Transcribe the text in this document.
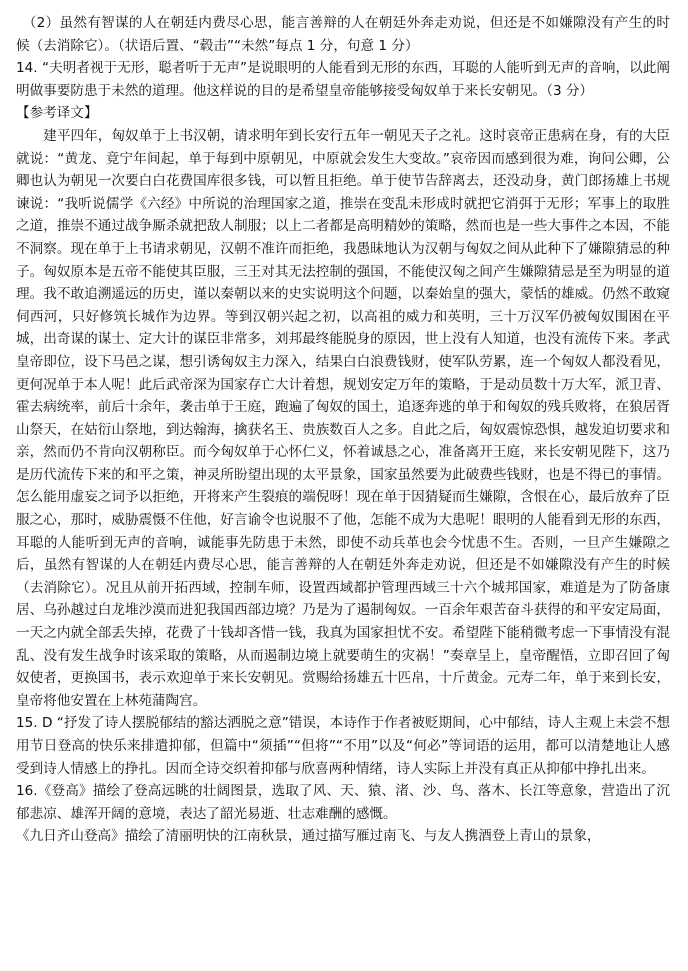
（2）虽然有智谋的人在朝廷内费尽心思，能言善辩的人在朝廷外奔走劝说，但还是不如嫌隙没有产生的时候（去消除它）。（状语后置、“毂击”“未然”每点 1 分，句意 1 分）

14. “夫明者视于无形，聪者听于无声”是说眼明的人能看到无形的东西，耳聪的人能听到无声的音响，以此阐明做事要防患于未然的道理。他这样说的目的是希望皇帝能够接受匈奴单于来长安朝见。（3 分）

【参考译文】

建平四年，匈奴单于上书汉朝，请求明年到长安行五年一朝见天子之礼。这时哀帝正患病在身，有的大臣就说：“黄龙、竟宁年间起，单于每到中原朝见，中原就会发生大变故。”哀帝因而感到很为难，询问公卿，公卿也认为朝见一次要白白花费国库很多钱，可以暂且拒绝。单于使节告辞离去，还没动身，黄门郎扬雄上书规谏说：“我听说儒学《六经》中所说的治理国家之道，推崇在变乱未形成时就把它消弭于无形；军事上的取胜之道，推崇不通过战争厮杀就把敌人制服；以上二者都是高明精妙的策略，然而也是一些大事件之本因，不能不洞察。现在单于上书请求朝见，汉朝不准许而拒绝，我愚昧地认为汉朝与匈奴之间从此种下了嫌隙猜忌的种子。匈奴原本是五帝不能使其臣服，三王对其无法控制的强国，不能使汉匈之间产生嫌隙猜忌是至为明显的道理。我不敢追溯遥远的历史，谨以秦朝以来的史实说明这个问题，以秦始皇的强大，蒙恬的雄威。仍然不敢窥伺西河，只好修筑长城作为边界。等到汉朝兴起之初，以高祖的威力和英明，三十万汉军仍被匈奴围困在平城，出奇谋的谋士、定大计的谋臣非常多，刘邦最终能脱身的原因，世上没有人知道，也没有流传下来。孝武皇帝即位，设下马邑之谋，想引诱匈奴主力深入，结果白白浪费钱财，使军队劳累，连一个匈奴人都没看见，更何况单于本人呢！此后武帝深为国家存亡大计着想，规划安定万年的策略，于是动员数十万大军，派卫青、霍去病统率，前后十余年，袭击单于王庭，跑遍了匈奴的国土，追逐奔逃的单于和匈奴的残兵败将，在狼居胥山祭天，在姑衍山祭地，到达翰海，擒获名王、贵族数百人之多。自此之后，匈奴震惊恐惧，越发迫切要求和亲，然而仍不肯向汉朝称臣。而今匈奴单于心怀仁义，怀着诚恳之心，准备离开王庭，来长安朝见陛下，这乃是历代流传下来的和平之策，神灵所盼望出现的太平景象，国家虽然要为此破费些钱财，也是不得已的事情。怎么能用虚妄之词予以拒绝，开将来产生裂痕的端倪呀！现在单于因猜疑而生嫌隙，含恨在心，最后放弃了臣服之心，那时，威胁震慑不住他，好言谕令也说服不了他，怎能不成为大患呢！眼明的人能看到无形的东西，耳聪的人能听到无声的音响，诚能事先防患于未然，即使不动兵革也会今忧患不生。否则，一旦产生嫌隙之后，虽然有智谋的人在朝廷内费尽心思，能言善辩的人在朝廷外奔走劝说，但还是不如嫌隙没有产生的时候（去消除它）。况且从前开拓西域，控制车师，设置西域都护管理西域三十六个城邦国家，难道是为了防备康居、乌孙越过白龙堆沙漠而进犯我国西部边境？乃是为了遏制匈奴。一百余年艰苦奋斗获得的和平安定局面，一天之内就全部丢失掉，花费了十钱却吝惜一钱，我真为国家担忧不安。希望陛下能稍微考虑一下事情没有混乱、没有发生战争时该采取的策略，从而遏制边境上就要萌生的灾祸！”奏章呈上，皇帝醒悟，立即召回了匈奴使者，更换国书，表示欢迎单于来长安朝见。赏赐给扬雄五十匹帛，十斤黄金。元寿二年，单于来到长安，皇帝将他安置在上林苑蒲陶宫。

15. D “抒发了诗人摆脱郁结的豁达洒脱之意”错误，本诗作于作者被贬期间，心中郁结，诗人主观上未尝不想用节日登高的快乐来排遣抑郁，但篇中“须插”“但将”“不用”以及“何必”等词语的运用，都可以清楚地让人感受到诗人情感上的挣扎。因而全诗交织着抑郁与欣喜两种情绪，诗人实际上并没有真正从抑郁中挣扎出来。

16.《登高》描绘了登高远眺的壮阔图景，选取了风、天、猿、渚、沙、鸟、落木、长江等意象，营造出了沉郁悲凉、雄浑开阔的意境，表达了韶光易逝、壮志难酬的感慨。

《九日齐山登高》描绘了清丽明快的江南秋景，通过描写雁过南飞、与友人携酒登上青山的景象，
